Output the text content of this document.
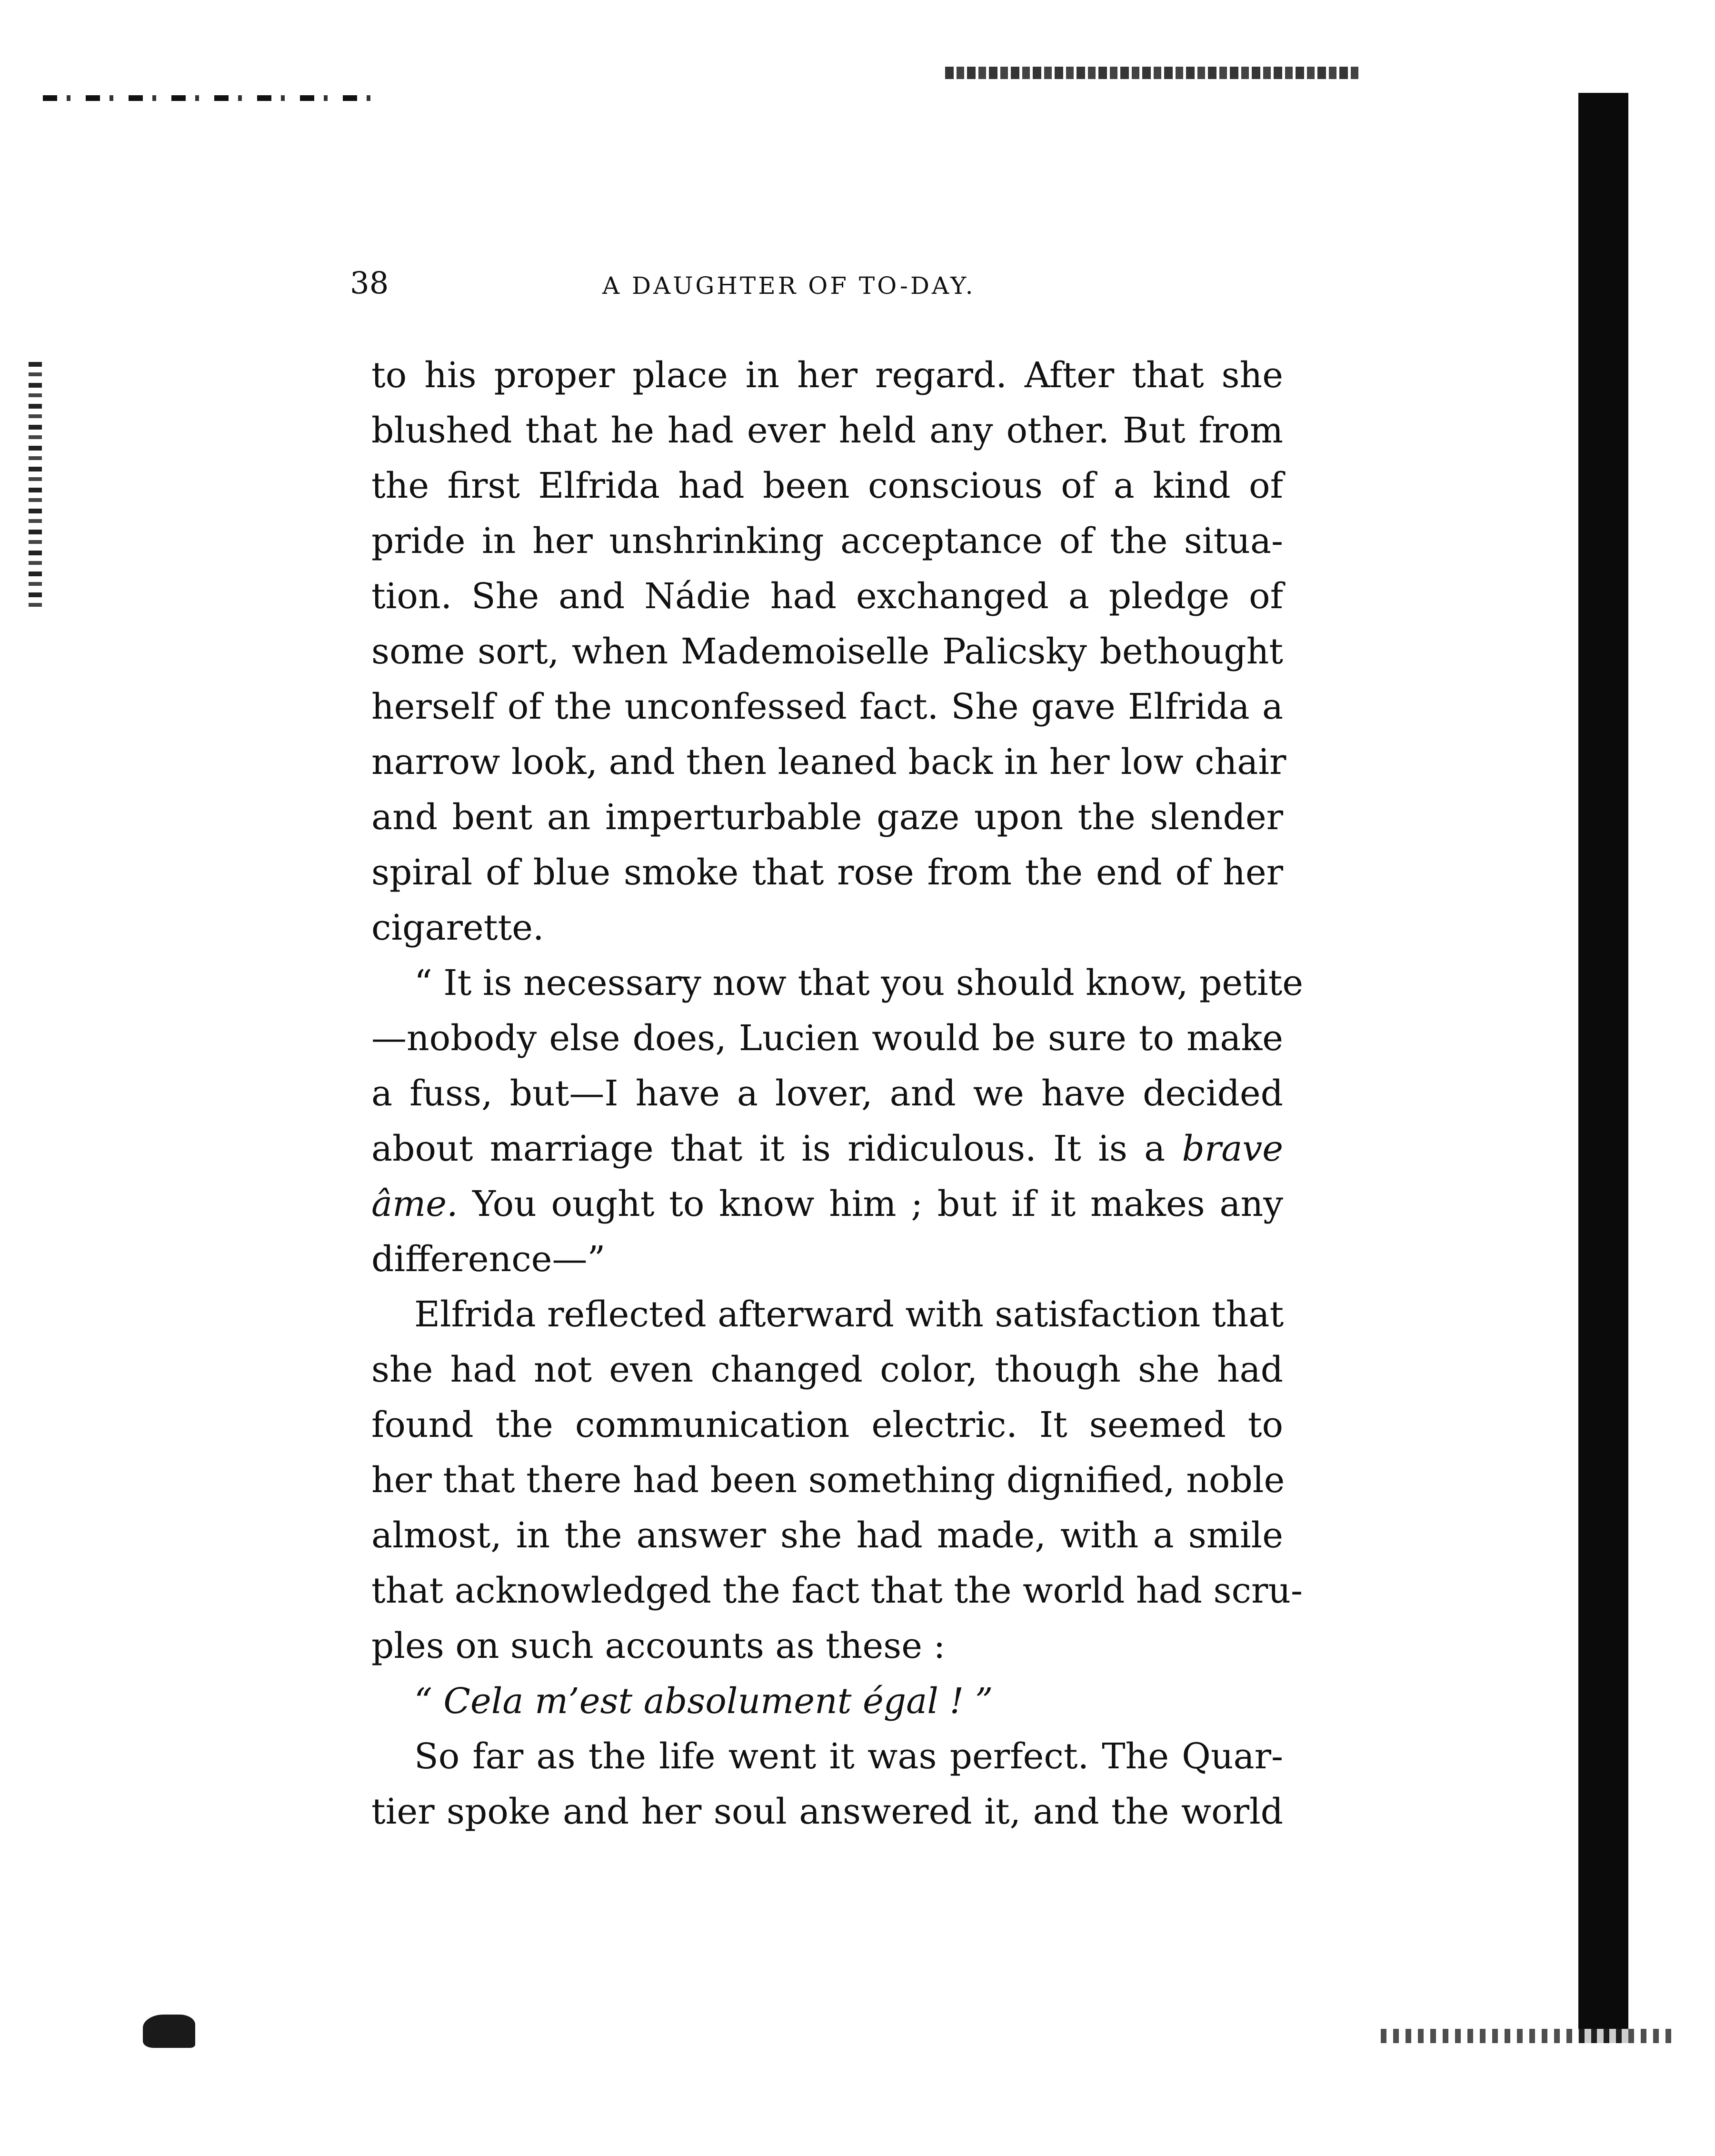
38	A DAUGHTER OF TO-DAY.
to his proper place in her regard. After that she
blushed that he had ever held any other. But from
the first Elfrida had been conscious of a kind of
pride in her unshrinking acceptance of the situa-
tion. She and Nádie had exchanged a pledge of
some sort, when Mademoiselle Palicsky bethought
herself of the unconfessed fact. She gave Elfrida a
narrow look, and then leaned back in her low chair
and bent an imperturbable gaze upon the slender
spiral of blue smoke that rose from the end of her
cigarette.
“ It is necessary now that you should know, petite
—nobody else does, Lucien would be sure to make
a fuss, but—I have a lover, and we have decided
about marriage that it is ridiculous. It is a brave
âme. You ought to know him ; but if it makes any
difference—”
Elfrida reflected afterward with satisfaction that
she had not even changed color, though she had
found the communication electric. It seemed to
her that there had been something dignified, noble
almost, in the answer she had made, with a smile
that acknowledged the fact that the world had scru-
ples on such accounts as these :
“ Cela m’est absolument égal ! ”
So far as the life went it was perfect. The Quar-
tier spoke and her soul answered it, and the world
